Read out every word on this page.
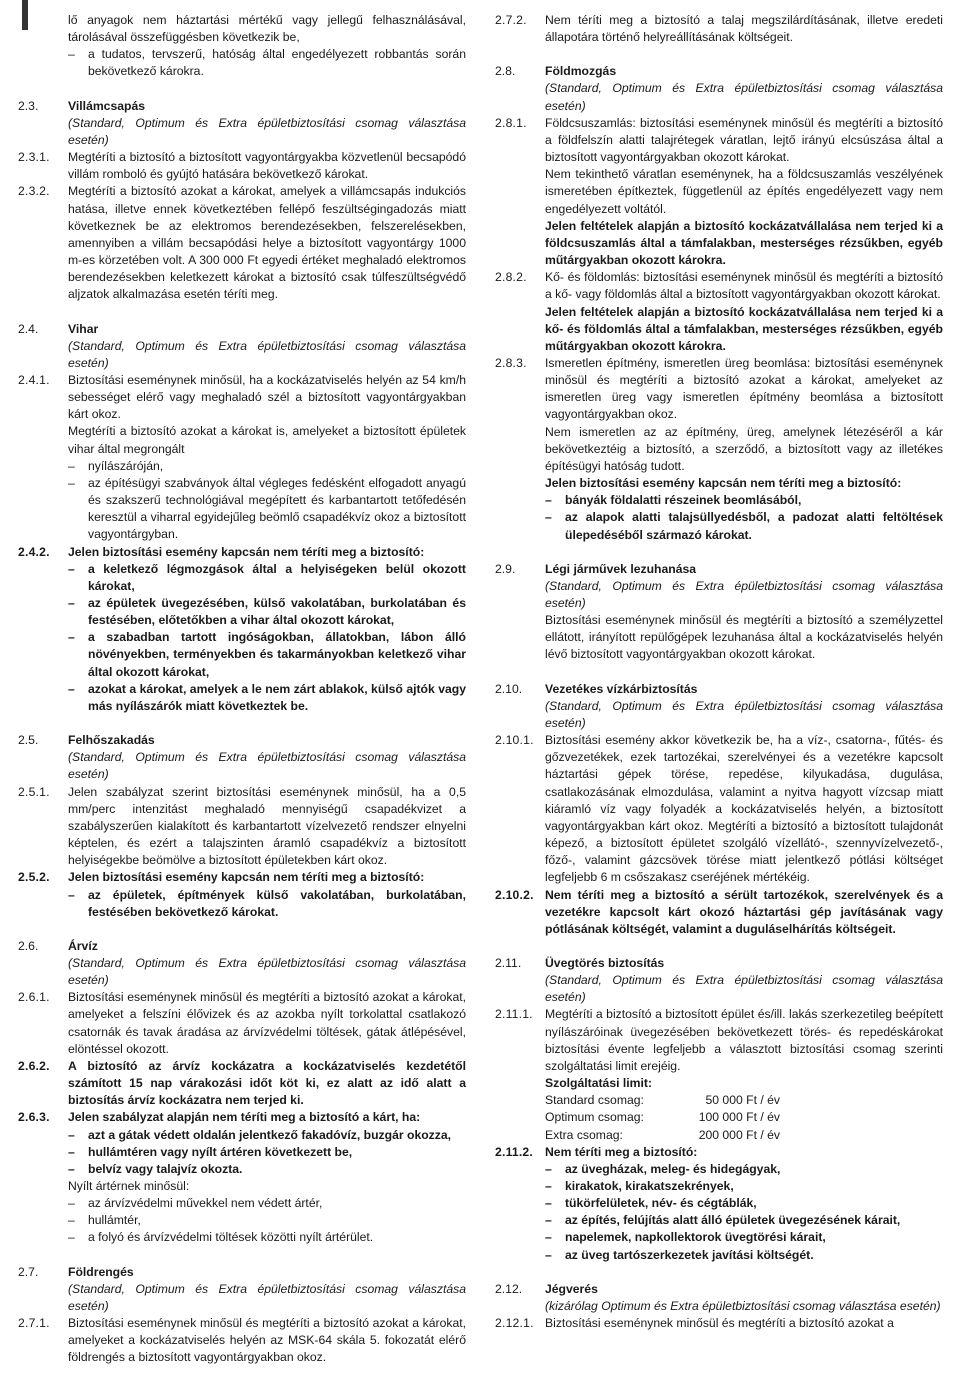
lő anyagok nem háztartási mértékű vagy jellegű felhasználásával, tárolásával összefüggésben következik be,

– a tudatos, tervszerű, hatóság által engedélyezett robbantás során bekövetkező károkra.
2.3.	Villámcsapás

(Standard, Optimum és Extra épületbiztosítási csomag választása esetén)

2.3.1.	Megtéríti a biztosító a biztosított vagyontárgyakba közvetlenül becsapódó villám romboló és gyújtó hatására bekövetkező károkat.

2.3.2.	Megtéríti a biztosító azokat a károkat, amelyek a villámcsapás indukciós hatása, illetve ennek következtében fellépő feszültségingadozás miatt következnek be az elektromos berendezésekben, felszerelésekben, amennyiben a villám becsapódási helye a biztosított vagyontárgy 1000 m-es körzetében volt. A 300 000 Ft egyedi értéket meghaladó elektromos berendezésekben keletkezett károkat a biztosító csak túlfeszültségvédő aljzatok alkalmazása esetén téríti meg.

2.4.	Vihar

(Standard, Optimum és Extra épületbiztosítási csomag választása esetén)

2.4.1.	Biztosítási eseménynek minősül, ha a kockázatviselés helyén az 54 km/h sebességet elérő vagy meghaladó szél a biztosított vagyontárgyakban kárt okoz.

Megtéríti a biztosító azokat a károkat is, amelyeket a biztosított épületek vihar által megrongált

– nyílászáróján,
– az építésügyi szabványok által végleges fedésként elfogadott anyagú és szakszerű technológiával megépített és karbantartott tetőfedésén keresztül a viharral egyidejűleg beömlő csapadékvíz okoz a biztosított vagyontárgyban.
2.4.2.	Jelen biztosítási esemény kapcsán nem téríti meg a biztosító:

– a keletkező légmozgások által a helyiségeken belül okozott károkat,
– az épületek üvegezésében, külső vakolatában, burkolatában és festésében, előtetőkben a vihar által okozott károkat,
– a szabadban tartott ingóságokban, állatokban, lábon álló növényekben, terményekben és takarmányokban keletkező vihar által okozott károkat,
– azokat a károkat, amelyek a le nem zárt ablakok, külső ajtók vagy más nyílászárók miatt következtek be.
2.5.	Felhőszakadás

(Standard, Optimum és Extra épületbiztosítási csomag választása esetén)

2.5.1.	Jelen szabályzat szerint biztosítási eseménynek minősül, ha a 0,5 mm/perc intenzitást meghaladó mennyiségű csapadékvizet a szabályszerűen kialakított és karbantartott vízelvezető rendszer elnyelni képtelen, és ezért a talajszinten áramló csapadékvíz a biztosított helyiségekbe beömölve a biztosított épületekben kárt okoz.

2.5.2.	Jelen biztosítási esemény kapcsán nem téríti meg a biztosító:

– az épületek, építmények külső vakolatában, burkolatában, festésében bekövetkező károkat.
2.6.	Árvíz

(Standard, Optimum és Extra épületbiztosítási csomag választása esetén)

2.6.1.	Biztosítási eseménynek minősül és megtéríti a biztosító azokat a károkat, amelyeket a felszíni élővizek és az azokba nyílt torkolattal csatlakozó csatornák és tavak áradása az árvízvédelmi töltések, gátak átlépésével, elöntéssel okozott.

2.6.2.	A biztosító az árvíz kockázatra a kockázatviselés kezdetétől számított 15 nap várakozási időt köt ki, ez alatt az idő alatt a biztosítás árvíz kockázatra nem terjed ki.

2.6.3.	Jelen szabályzat alapján nem téríti meg a biztosító a kárt, ha:

– azt a gátak védett oldalán jelentkező fakadóvíz, buzgár okozza,
– hullámtéren vagy nyílt ártéren következett be,
– belvíz vagy talajvíz okozta.

Nyílt ártérnek minősül:

– az árvízvédelmi művekkel nem védett ártér,
– hullámtér,
– a folyó és árvízvédelmi töltések közötti nyílt ártérület.
2.7.	Földrengés

(Standard, Optimum és Extra épületbiztosítási csomag választása esetén)

2.7.1.	Biztosítási eseménynek minősül és megtéríti a biztosító azokat a károkat, amelyeket a kockázatviselés helyén az MSK-64 skála 5. fokozatát elérő földrengés a biztosított vagyontárgyakban okoz.

2.7.2.	Nem téríti meg a biztosító a talaj megszilárdításának, illetve eredeti állapotára történő helyreállításának költségeit.

2.8.	Földmozgás

(Standard, Optimum és Extra épületbiztosítási csomag választása esetén)

2.8.1.	Földcsuszamlás: biztosítási eseménynek minősül és megtéríti a biztosító a földfelszín alatti talajrétegek váratlan, lejtő irányú elcsúszása által a biztosított vagyontárgyakban okozott károkat.

Nem tekinthető váratlan eseménynek, ha a földcsuszamlás veszélyének ismeretében építkeztek, függetlenül az építés engedélyezett vagy nem engedélyezett voltától.

Jelen feltételek alapján a biztosító kockázatvállalása nem terjed ki a földcsuszamlás által a támfalakban, mesterséges rézsűkben, egyéb műtárgyakban okozott károkra.

2.8.2.	Kő- és földomlás: biztosítási eseménynek minősül és megtéríti a biztosító a kő- vagy földomlás által a biztosított vagyontárgyakban okozott károkat.

Jelen feltételek alapján a biztosító kockázatvállalása nem terjed ki a kő- és földomlás által a támfalakban, mesterséges rézsűkben, egyéb műtárgyakban okozott károkra.

2.8.3.	Ismeretlen építmény, ismeretlen üreg beomlása: biztosítási eseménynek minősül és megtéríti a biztosító azokat a károkat, amelyeket az ismeretlen üreg vagy ismeretlen építmény beomlása a biztosított vagyontárgyakban okoz.

Nem ismeretlen az az építmény, üreg, amelynek létezéséről a kár bekövetkeztéig a biztosító, a szerződő, a biztosított vagy az illetékes építésügyi hatóság tudott.

Jelen biztosítási esemény kapcsán nem téríti meg a biztosító:

– bányák földalatti részeinek beomlásából,
– az alapok alatti talajsüllyedésből, a padozat alatti feltöltések ülepedéséből származó károkat.
2.9.	Légi járművek lezuhanása

(Standard, Optimum és Extra épületbiztosítási csomag választása esetén)

Biztosítási eseménynek minősül és megtéríti a biztosító a személyzettel ellátott, irányított repülőgépek lezuhanása által a kockázatviselés helyén lévő biztosított vagyontárgyakban okozott károkat.

2.10.	Vezetékes vízkárbiztosítás

(Standard, Optimum és Extra épületbiztosítási csomag választása esetén)

2.10.1. Biztosítási esemény akkor következik be, ha a víz-, csatorna-, fűtés- és gőzvezetékek, ezek tartozékai, szerelvényei és a vezetékre kapcsolt háztartási gépek törése, repedése, kilyukadása, dugulása, csatlakozásának elmozdulása, valamint a nyitva hagyott vízcsap miatt kiáramló víz vagy folyadék a kockázatviselés helyén, a biztosított vagyontárgyakban kárt okoz. Megtéríti a biztosító a biztosított tulajdonát képező, a biztosított épületet szolgáló vízellátó-, szennyvízelvezető-, főző-, valamint gázcsövek törése miatt jelentkező pótlási költséget legfeljebb 6 m csőszakasz cseréjének mértékéig.

2.10.2. Nem téríti meg a biztosító a sérült tartozékok, szerelvények és a vezetékre kapcsolt kárt okozó háztartási gép javításának vagy pótlásának költségét, valamint a duguláselhárítás költségeit.

2.11.	Üvegtörés biztosítás

(Standard, Optimum és Extra épületbiztosítási csomag választása esetén)

2.11.1.	Megtéríti a biztosító a biztosított épület és/ill. lakás szerkezetileg beépített nyílászáróinak üvegezésében bekövetkezett törés- és repedéskárokat biztosítási évente legfeljebb a választott biztosítási csomag szerinti szolgáltatási limit erejéig.

Szolgáltatási limit:

Standard csomag:	50 000 Ft / év
Optimum csomag:	100 000 Ft / év
Extra csomag:	200 000 Ft / év
2.11.2. Nem téríti meg a biztosító:

– az üvegházak, meleg- és hidegágyak,
– kirakatok, kirakatszekrények,
– tükörfelületek, név- és cégtáblák,
– az építés, felújítás alatt álló épületek üvegezésének kárait,
– napelemek, napkollektorok üvegtörési kárait,
– az üveg tartószerkezetek javítási költségét.
2.12.	Jégverés

(kizárólag Optimum és Extra épületbiztosítási csomag választása esetén)

2.12.1. Biztosítási eseménynek minősül és megtéríti a biztosító azokat a
